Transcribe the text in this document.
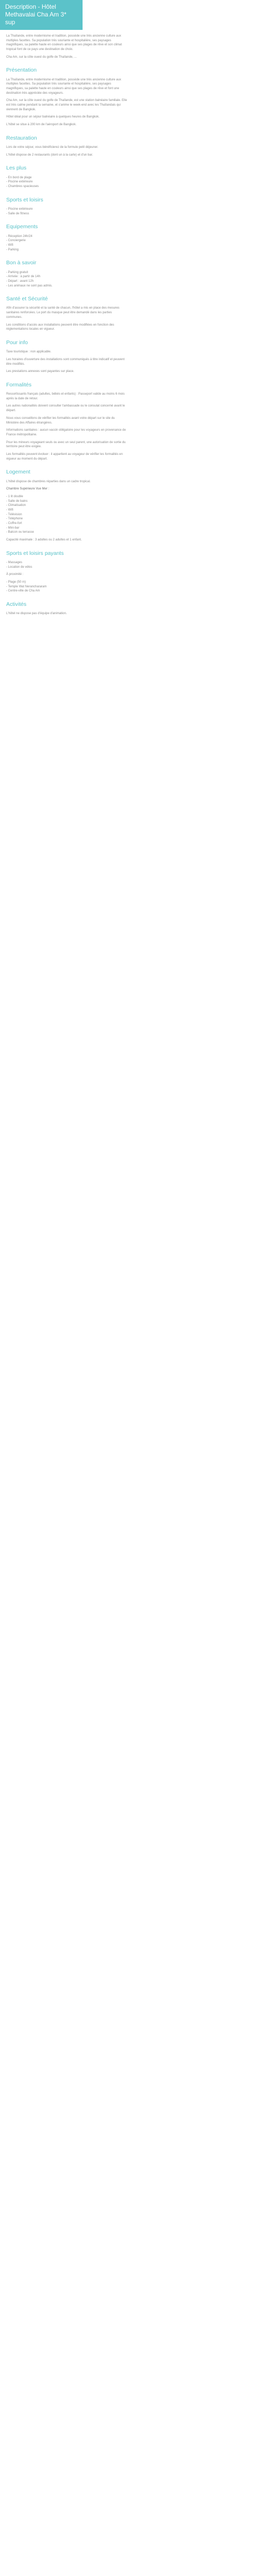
Description - Hôtel Methavalai Cha Am 3* sup

La Thaïlande, entre modernisme et tradition, possède une très ancienne culture aux multiples facettes. Sa population très souriante et hospitalière, ses paysages magnifiques, sa palette haute en couleurs ainsi que ses plages de rêve et son climat tropical font de ce pays une destination de choix.

Cha Am, sur la côte ouest du golfe de Thaïlande, ...

Présentation

La Thaïlande, entre modernisme et tradition, possède une très ancienne culture aux multiples facettes. Sa population très souriante et hospitalière, ses paysages magnifiques, sa palette haute en couleurs ainsi que ses plages de rêve et font une destination très appréciée des voyageurs.

Cha Am, sur la côte ouest du golfe de Thaïlande, est une station balnéaire familiale. Elle est très calme pendant la semaine, et s'anime le week-end avec les Thaïlandais qui viennent de Bangkok.

Hôtel idéal pour un séjour balnéaire à quelques heures de Bangkok.

L'hôtel se situe à 200 km de l'aéroport de Bangkok.

Restauration

Lors de votre séjour, vous bénéficierez de la formule petit déjeuner.

L'hôtel dispose de 2 restaurants (dont un à la carte) et d'un bar.

Les plus
- En bord de plage
- Piscine extérieure
- Chambres spacieuses
Sports et loisirs
- Piscine extérieure
- Salle de fitness
Equipements
- Réception 24h/24
- Conciergerie
- Wifi
- Parking
Bon à savoir
- Parking gratuit
- Arrivée : à partir de 14h
- Départ : avant 12h
- Les animaux ne sont pas admis.
Santé et Sécurité

Afin d'assurer la sécurité et la santé de chacun, l'hôtel a mis en place des mesures sanitaires renforcées. Le port du masque peut être demandé dans les parties communes.

Les conditions d'accès aux installations peuvent être modifiées en fonction des réglementations locales en vigueur.

Pour info

Taxe touristique : non applicable.

Les horaires d'ouverture des installations sont communiqués à titre indicatif et peuvent être modifiés.

Les prestations annexes sont payantes sur place.

Formalités

Ressortissants français (adultes, bébés et enfants) : Passeport valide au moins 6 mois après la date de retour.

Les autres nationalités doivent consulter l'ambassade ou le consulat concerné avant le départ.

Nous vous conseillons de vérifier les formalités avant votre départ sur le site du Ministère des Affaires étrangères.

Informations sanitaires : aucun vaccin obligatoire pour les voyageurs en provenance de France métropolitaine.

Pour les mineurs voyageant seuls ou avec un seul parent, une autorisation de sortie du territoire peut être exigée.

Les formalités peuvent évoluer : il appartient au voyageur de vérifier les formalités en vigueur au moment du départ.

Logement

L'hôtel dispose de chambres réparties dans un cadre tropical.

Chambre Supérieure Vue Mer :

- 1 lit double
- Salle de bains
- Climatisation
- Wifi
- Télévision
- Téléphone
- Coffre-fort
- Mini-bar
- Balcon ou terrasse

Capacité maximale : 3 adultes ou 2 adultes et 1 enfant.

Sports et loisirs payants
- Massages
- Location de vélos

À proximité :

- Plage (50 m)
- Temple Wat Neranchararam
- Centre-ville de Cha Am
Activités

L'hôtel ne dispose pas d'équipe d'animation.
